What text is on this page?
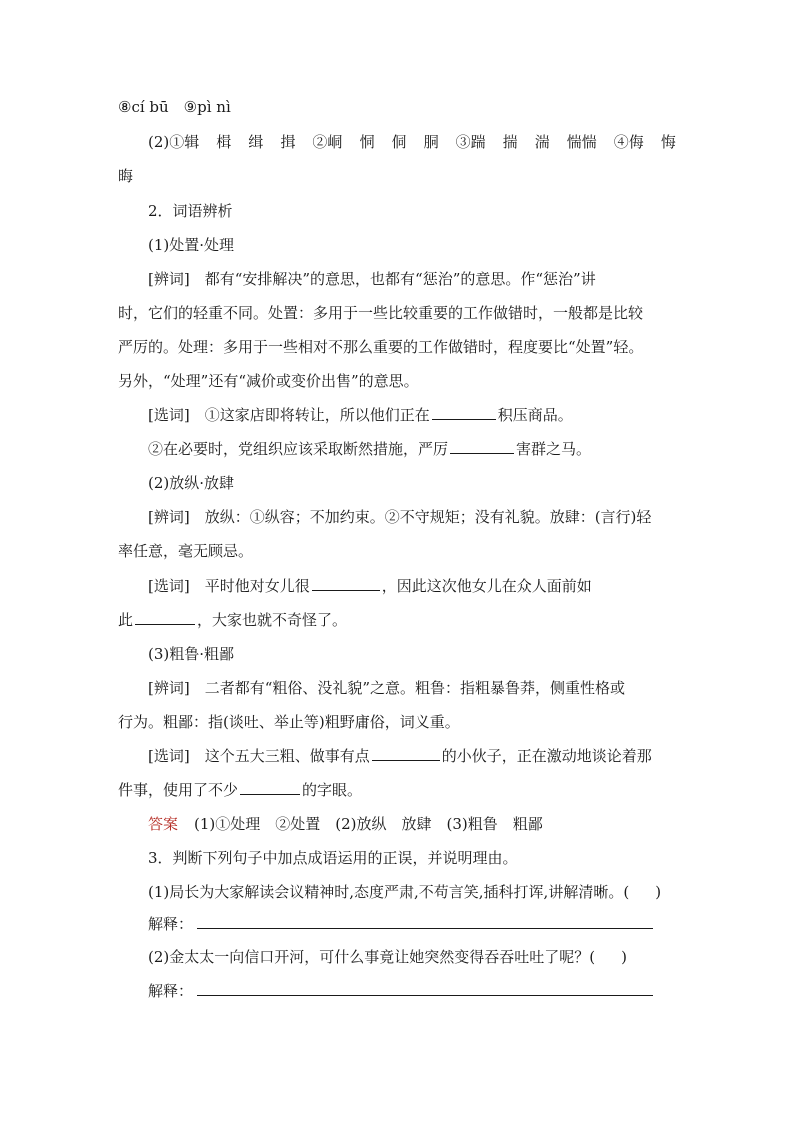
⑧cí bū　⑨pì nì
(2)①辑 楫 缉 揖 ②峒 恫 侗 胴 ③踹 揣 湍 惴惴 ④侮 悔
晦
2．词语辨析
(1)处置·处理
[辨词]　都有“安排解决”的意思，也都有“惩治”的意思。作“惩治”讲
时，它们的轻重不同。处置：多用于一些比较重要的工作做错时，一般都是比较
严厉的。处理：多用于一些相对不那么重要的工作做错时，程度要比“处置”轻。
另外，“处理”还有“减价或变价出售”的意思。
[选词]　①这家店即将转让，所以他们正在	积压商品。
②在必要时，党组织应该采取断然措施，严厉	害群之马。
(2)放纵·放肆
[辨词]　放纵：①纵容；不加约束。②不守规矩；没有礼貌。放肆：(言行)轻
率任意，毫无顾忌。
[选词]　平时他对女儿很	，因此这次他女儿在众人面前如
此	，大家也就不奇怪了。
(3)粗鲁·粗鄙
[辨词]　二者都有“粗俗、没礼貌”之意。粗鲁：指粗暴鲁莽，侧重性格或
行为。粗鄙：指(谈吐、举止等)粗野庸俗，词义重。
[选词]　这个五大三粗、做事有点	的小伙子，正在激动地谈论着那
件事，使用了不少	的字眼。
答案 (1)①处理　②处置　(2)放纵　放肆　(3)粗鲁　粗鄙
3．判断下列句子中加点成语运用的正误，并说明理由。
(1)局长为大家解读会议精神时,态度严肃,不苟言笑,插科打诨,讲解清晰。( )
解释：
(2)金太太一向信口开河，可什么事竟让她突然变得吞吞吐吐了呢？( )
解释：
